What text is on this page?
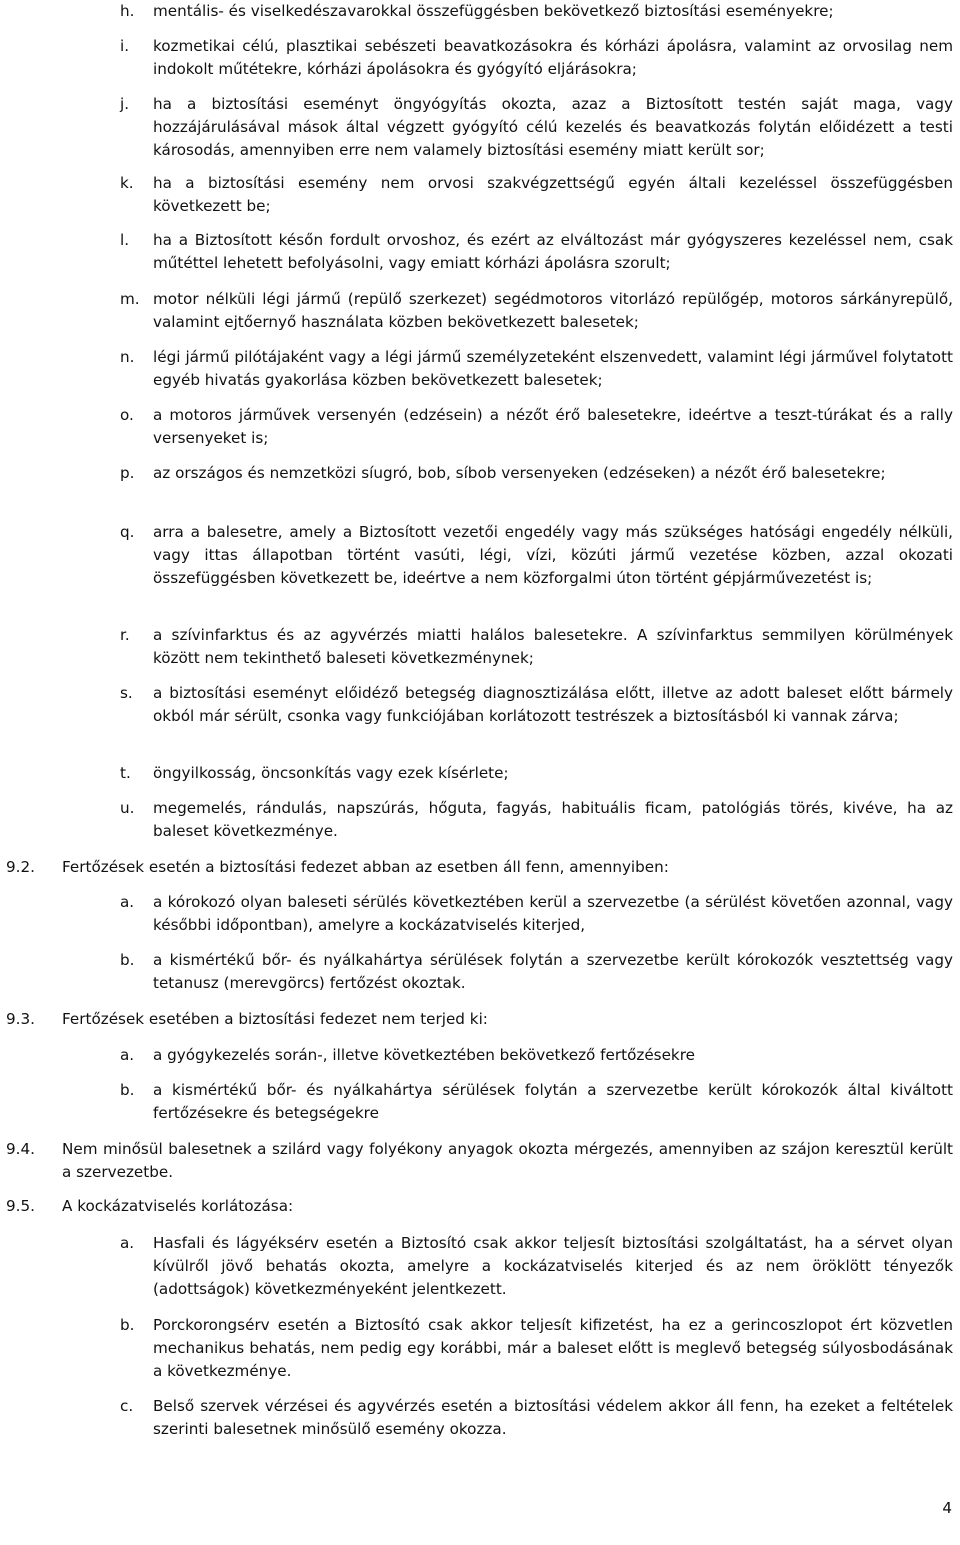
h. mentális- és viselkedészavarokkal összefüggésben bekövetkező biztosítási eseményekre;
i. kozmetikai célú, plasztikai sebészeti beavatkozásokra és kórházi ápolásra, valamint az orvosilag nem indokolt műtétekre, kórházi ápolásokra és gyógyító eljárásokra;
j. ha a biztosítási eseményt öngyógyítás okozta, azaz a Biztosított testén saját maga, vagy hozzájárulásával mások által végzett gyógyító célú kezelés és beavatkozás folytán előidézett a testi károsodás, amennyiben erre nem valamely biztosítási esemény miatt került sor;
k. ha a biztosítási esemény nem orvosi szakvégzettségű egyén általi kezeléssel összefüggésben következett be;
l. ha a Biztosított későn fordult orvoshoz, és ezért az elváltozást már gyógyszeres kezeléssel nem, csak műtéttel lehetett befolyásolni, vagy emiatt kórházi ápolásra szorult;
m. motor nélküli légi jármű (repülő szerkezet) segédmotoros vitorlázó repülőgép, motoros sárkányrepülő, valamint ejtőernyő használata közben bekövetkezett balesetek;
n. légi jármű pilótájaként vagy a légi jármű személyzeteként elszenvedett, valamint légi járművel folytatott egyéb hivatás gyakorlása közben bekövetkezett balesetek;
o. a motoros járművek versenyén (edzésein) a nézőt érő balesetekre, ideértve a teszt-túrákat és a rally versenyeket is;
p. az országos és nemzetközi síugró, bob, síbob versenyeken (edzéseken) a nézőt érő balesetekre;
q. arra a balesetre, amely a Biztosított vezetői engedély vagy más szükséges hatósági engedély nélküli, vagy ittas állapotban történt vasúti, légi, vízi, közúti jármű vezetése közben, azzal okozati összefüggésben következett be, ideértve a nem közforgalmi úton történt gépjárművezetést is;
r. a szívinfarktus és az agyvérzés miatti halálos balesetekre. A szívinfarktus semmilyen körülmények között nem tekinthető baleseti következménynek;
s. a biztosítási eseményt előidéző betegség diagnosztizálása előtt, illetve az adott baleset előtt bármely okból már sérült, csonka vagy funkciójában korlátozott testrészek a biztosításból ki vannak zárva;
t. öngyilkosság, öncsonkítás vagy ezek kísérlete;
u. megemelés, rándulás, napszúrás, hőguta, fagyás, habituális ficam, patológiás törés, kivéve, ha az baleset következménye.
9.2. Fertőzések esetén a biztosítási fedezet abban az esetben áll fenn, amennyiben:
a. a kórokozó olyan baleseti sérülés következtében kerül a szervezetbe (a sérülést követően azonnal, vagy későbbi időpontban), amelyre a kockázatviselés kiterjed,
b. a kismértékű bőr- és nyálkahártya sérülések folytán a szervezetbe került kórokozók vesztettség vagy tetanusz (merevgörcs) fertőzést okoztak.
9.3. Fertőzések esetében a biztosítási fedezet nem terjed ki:
a. a gyógykezelés során-, illetve következtében bekövetkező fertőzésekre
b. a kismértékű bőr- és nyálkahártya sérülések folytán a szervezetbe került kórokozók által kiváltott fertőzésekre és betegségekre
9.4. Nem minősül balesetnek a szilárd vagy folyékony anyagok okozta mérgezés, amennyiben az szájon keresztül került a szervezetbe.
9.5. A kockázatviselés korlátozása:
a. Hasfali és lágyéksérv esetén a Biztosító csak akkor teljesít biztosítási szolgáltatást, ha a sérvet olyan kívülről jövő behatás okozta, amelyre a kockázatviselés kiterjed és az nem öröklött tényezők (adottságok) következményeként jelentkezett.
b. Porckorongsérv esetén a Biztosító csak akkor teljesít kifizetést, ha ez a gerincoszlopot ért közvetlen mechanikus behatás, nem pedig egy korábbi, már a baleset előtt is meglevő betegség súlyosbodásának a következménye.
c. Belső szervek vérzései és agyvérzés esetén a biztosítási védelem akkor áll fenn, ha ezeket a feltételek szerinti balesetnek minősülő esemény okozza.
4
